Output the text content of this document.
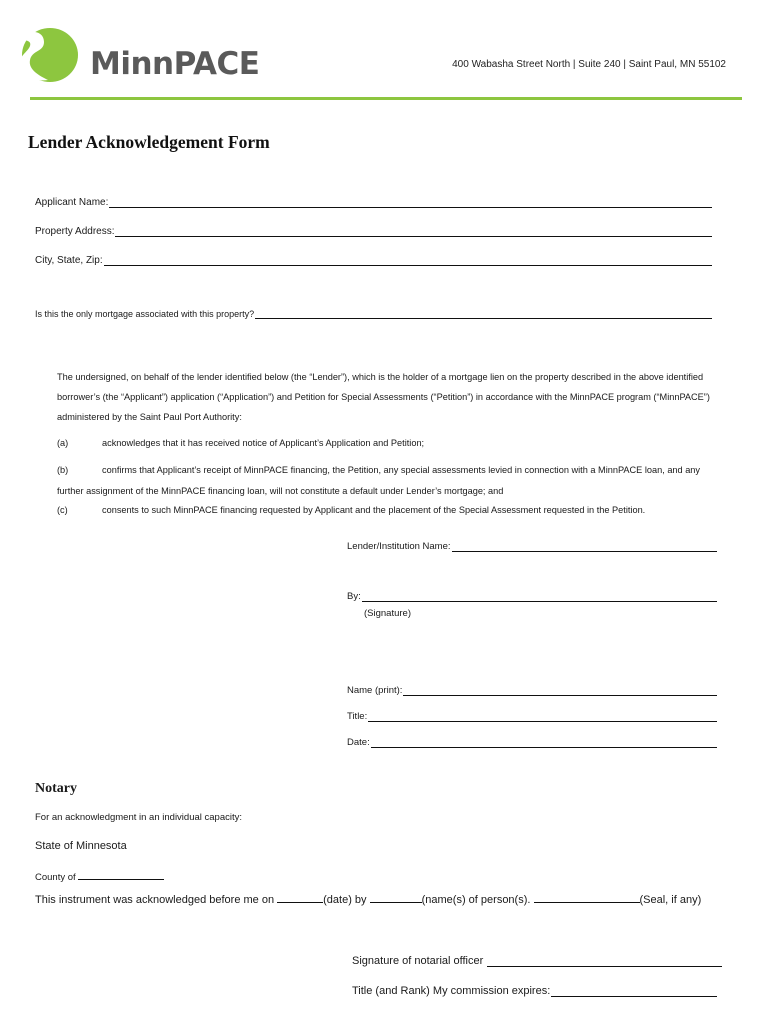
MinnPACE	400 Wabasha Street North | Suite 240 | Saint Paul, MN 55102
Lender Acknowledgement Form
Applicant Name:
Property Address:
City, State, Zip:
Is this the only mortgage associated with this property?
The undersigned, on behalf of the lender identified below (the “Lender”), which is the holder of a mortgage lien on the property described in the above identified
borrower’s (the “Applicant”) application (“Application”) and Petition for Special Assessments (“Petition”) in accordance with the MinnPACE program (“MinnPACE”)
administered by the Saint Paul Port Authority:
(a)	acknowledges that it has received notice of Applicant’s Application and Petition;
(b)	confirms that Applicant’s receipt of MinnPACE financing, the Petition, any special assessments levied in connection with a MinnPACE loan, and any
further assignment of the MinnPACE financing loan, will not constitute a default under Lender’s mortgage; and
(c)	consents to such MinnPACE financing requested by Applicant and the placement of the Special Assessment requested in the Petition.
Lender/Institution Name:
By:
(Signature)
Name (print):
Title:
Date:
Notary
For an acknowledgment in an individual capacity:
State of Minnesota
County of
This instrument was acknowledged before me on	(date) by	(name(s) of person(s).	(Seal, if any)
Signature of notarial officer
Title (and Rank) My commission expires:
